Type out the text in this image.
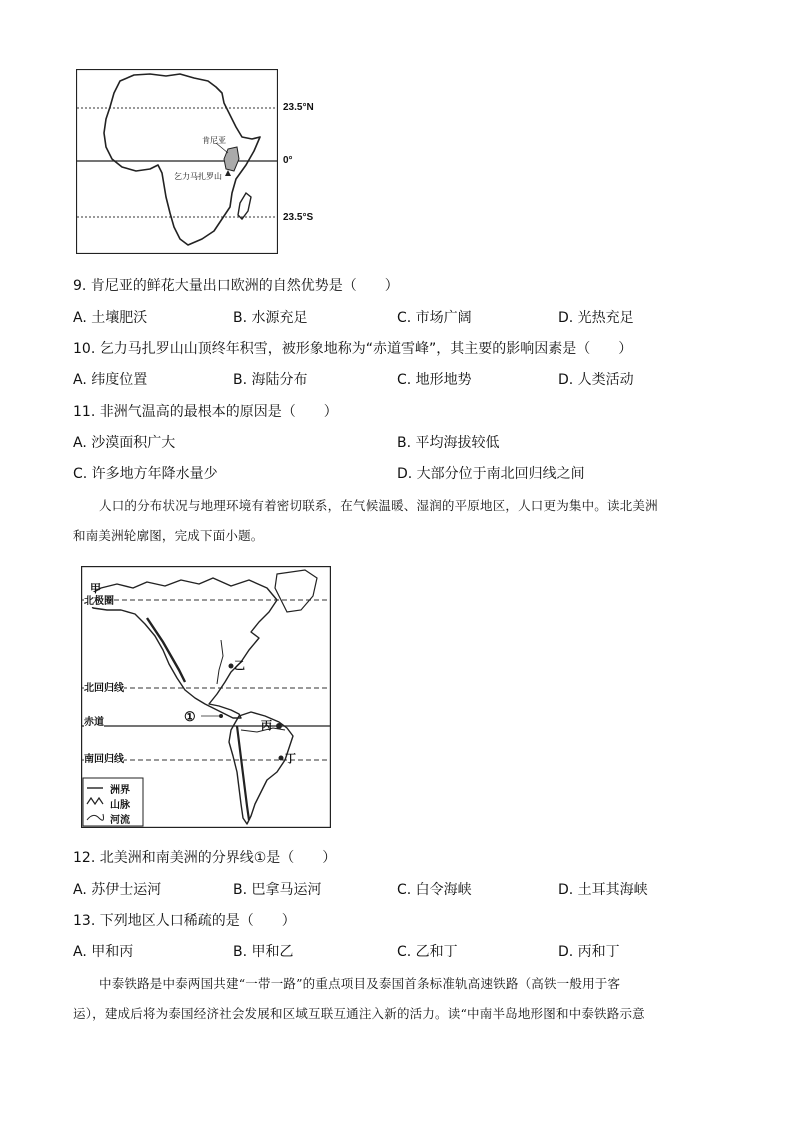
肯尼亚
乞力马扎罗山
23.5°N
0°
23.5°S
9. 肯尼亚的鲜花大量出口欧洲的自然优势是（　　）
A. 土壤肥沃	B. 水源充足	C. 市场广阔	D. 光热充足
10. 乞力马扎罗山山顶终年积雪，被形象地称为“赤道雪峰”，其主要的影响因素是（　　）
A. 纬度位置	B. 海陆分布	C. 地形地势	D. 人类活动
11. 非洲气温高的最根本的原因是（　　）
A. 沙漠面积广大	B. 平均海拔较低
C. 许多地方年降水量少	D. 大部分位于南北回归线之间
人口的分布状况与地理环境有着密切联系，在气候温暖、湿润的平原地区，人口更为集中。读北美洲
和南美洲轮廓图，完成下面小题。
北极圈
甲
北回归线
赤道
南回归线
乙
丙
丁
①
洲界
山脉
河流
12. 北美洲和南美洲的分界线①是（　　）
A. 苏伊士运河	B. 巴拿马运河	C. 白令海峡	D. 土耳其海峡
13. 下列地区人口稀疏的是（　　）
A. 甲和丙	B. 甲和乙	C. 乙和丁	D. 丙和丁
中泰铁路是中泰两国共建“一带一路”的重点项目及泰国首条标准轨高速铁路（高铁一般用于客
运），建成后将为泰国经济社会发展和区域互联互通注入新的活力。读“中南半岛地形图和中泰铁路示意
